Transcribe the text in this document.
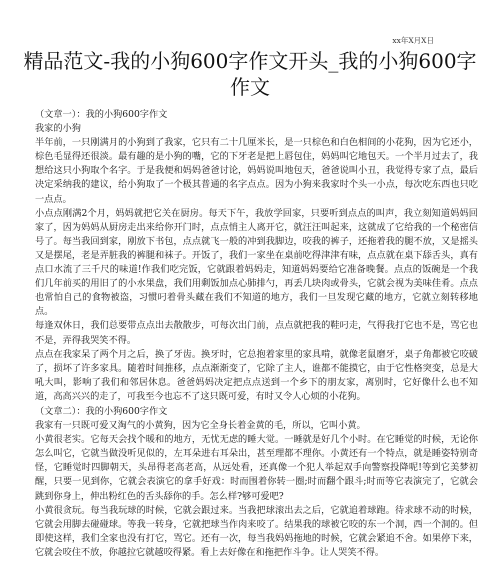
xx年X月X日
精品范文-我的小狗600字作文开头_我的小狗600字作文

（文章一）：我的小狗600字作文

我家的小狗

半年前，一只刚满月的小狗到了我家，它只有二十几厘米长，是一只棕色和白色相间的小花狗，因为它还小，棕色毛显得还很淡。最有趣的是小狗的嘴，它的下牙老是把上唇包住，妈妈叫它地包天。一个半月过去了，我想给这只小狗取个名字。于是我便和妈妈爸爸讨论，妈妈说叫地包天，爸爸说叫小丑，我觉得专家了点，最后决定采纳我的建议，给小狗取了一个极其普通的名字点点。因为小狗来我家时个头一小点，每次吃东西也只吃一点点。

小点点刚满2个月，妈妈就把它关在厨房。每天下午，我放学回家，只要听到点点的叫声，我立刻知道妈妈回家了，因为妈妈从厨房走出来给你开门时，点点悄主人离开它，就汪汪叫起来，这就成了它给我的一个秘密信号了。每当我回到家，刚放下书包，点点就飞一般的冲到我脚边，咬我的裤子，还拖着我的腿不放，又是摇头又是摆尾，老是弄脏我的裤腿和袜子。开饭了，我们一家坐在桌前吃得津津有味，点点就在桌下舔舌头，真有点口水流了三千尺的味道!作我们吃完饭，它就跟着妈妈走，知道妈妈要给它准备晚餐。点点的饭碗是一个我们几年前买的用旧了的小水果盘，我们用剩饭加点心肺排勺，再丢几块肉或骨头，它就会视为美味佳肴。点点也常怕自己的食物被盗，习惯叼着骨头藏在我们不知道的地方，我们一旦发现它藏的地方，它就立刻转移地点。

每逢双休日，我们总要带点点出去散散步，可每次出门前，点点就把我的鞋叼走，气得我打它也不是，骂它也不是，弄得我哭笑不得。

点点在我家呆了两个月之后，换了牙齿。换牙时，它总抱着家里的家具啃，就像老鼠磨牙，桌子角都被它咬破了，损坏了许多家具。随着时间推移，点点渐渐变了，它除了主人，谁都不能摸它，由于它性格突变，总是大吼大叫，影响了我们和邻居休息。爸爸妈妈决定把点点送到一个乡下的朋友家，离别时，它好像什么也不知道，高高兴兴的走了，可我至今也忘不了这只既可爱，有时又令人心烦的小花狗。

（文章二）：我的小狗600字作文

我家有一只既可爱又淘气的小黄狗，因为它全身长着金黄的毛，所以，它叫小黄。

小黄很老实。它每天会找个暖和的地方，无忧无虑的睡大觉。一睡就是好几个小时。在它睡觉的时候，无论你怎么叫它，它就当做没听见似的，左耳朵进右耳朵出，甚至理都不理你。小黄还有一个特点，就是睡姿特别奇怪，它睡觉时四脚朝天，头昂得老高老高，从远处看，还真像一个犯人举起双手向警察投降呢!等到它美梦初醒，只要一见到你，它就会表演它的拿手好戏：时而围着你转一圈;时而翻个跟斗;时而等它表演完了，它就会跳到你身上，伸出粉红色的舌头舔你的手。怎么样?够可爱吧?

小黄很贪玩。每当我玩球的时候，它就会跟过来。当我把球滚出去之后，它就追着球跑。待求球不动的时候，它就会用脚去碰碰球。等我一转身，它就把球当作肉来咬了。结果我的球被它咬的东一个洞，西一个洞的。但即使这样，我们全家也没有打它，骂它。还有一次，每当我妈妈拖地的时候，它就会紧追不舍。如果停下来，它就会咬住不放，你越拉它就越咬得紧。看上去好像在和拖把作斗争。让人哭笑不得。
